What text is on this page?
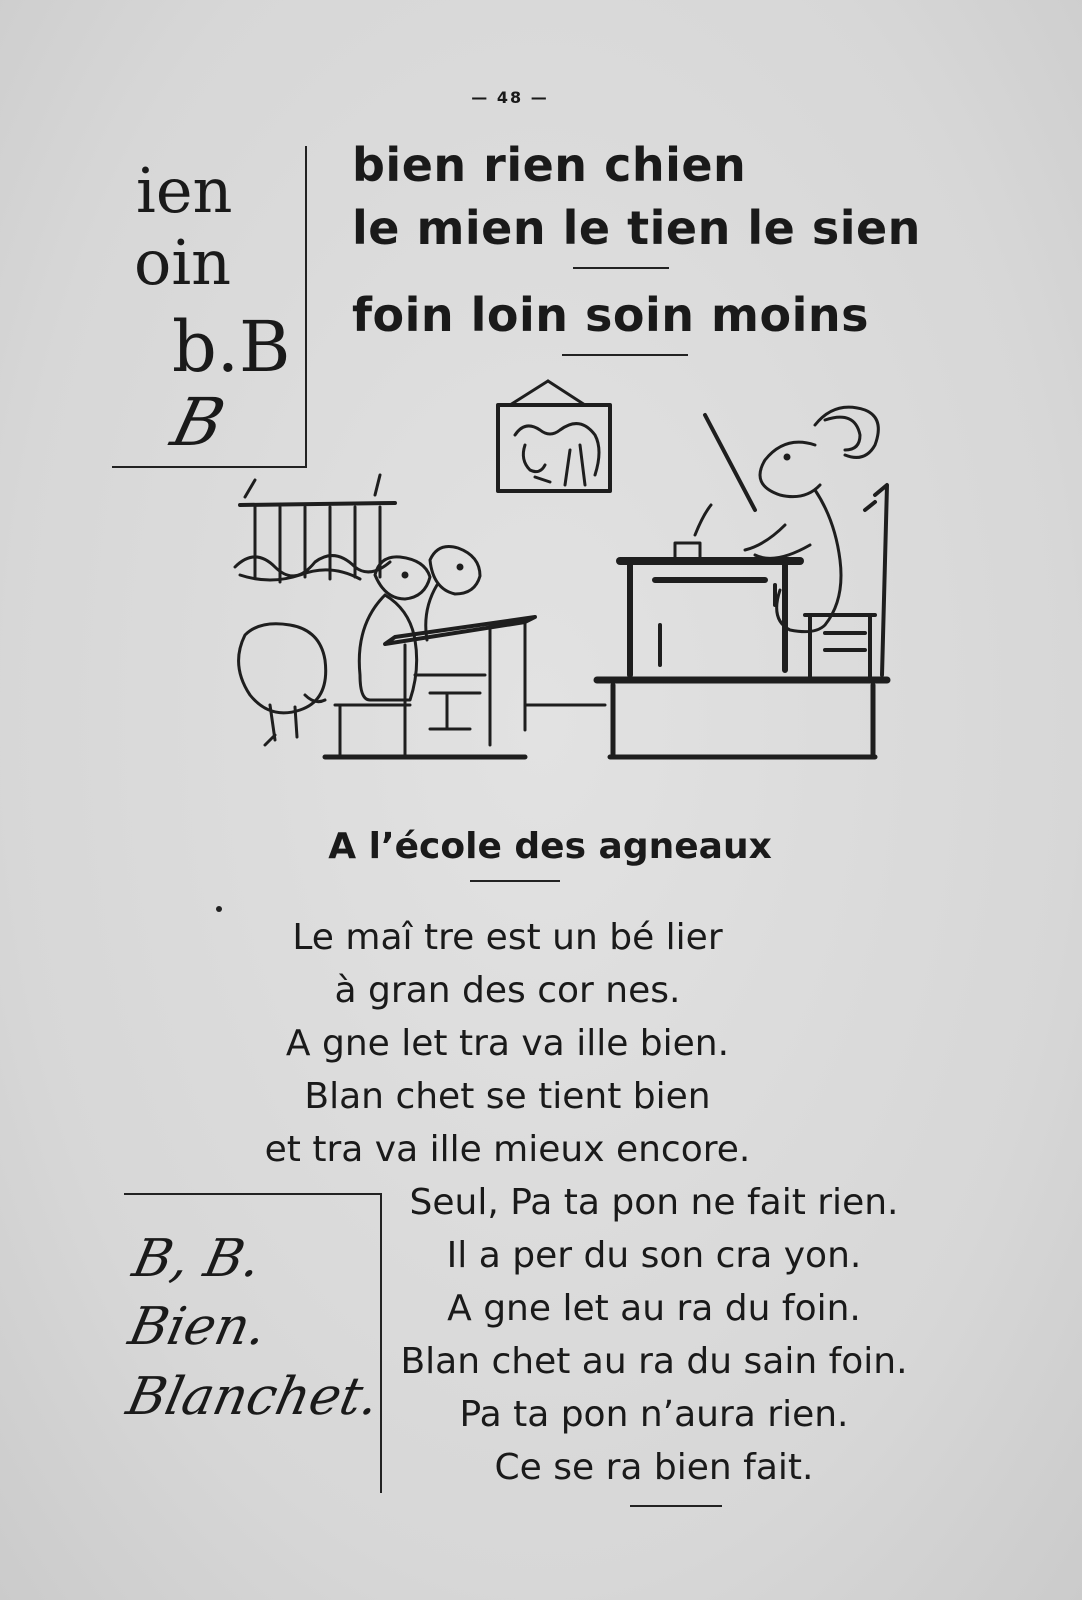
— 48 —
ien
oin
b.B
B
bien rien chien
le mien le tien le sien
foin loin soin moins
A l’école des agneaux
Le maî tre est un bé lier
à gran des cor nes.
A gne let tra va ille bien.
Blan chet se tient bien
et tra va ille mieux encore.
B, B.
Bien.
Blanchet.
Seul, Pa ta pon ne fait rien.
Il a per du son cra yon.
A gne let au ra du foin.
Blan chet au ra du sain foin.
Pa ta pon n’aura rien.
Ce se ra bien fait.
